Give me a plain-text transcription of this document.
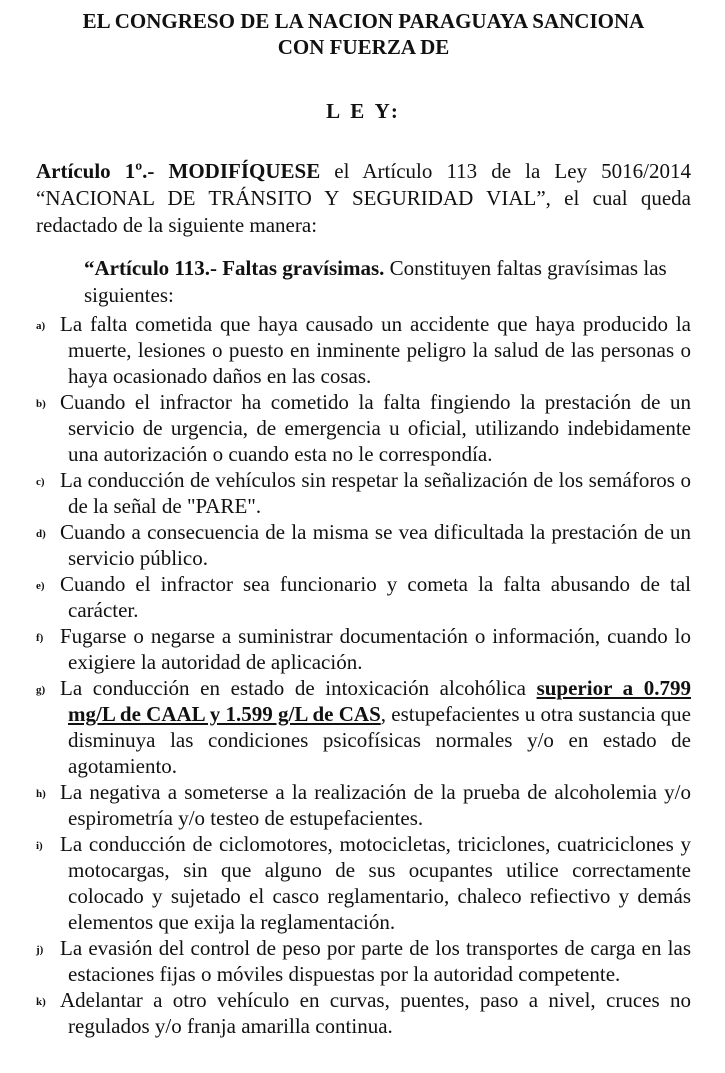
EL CONGRESO DE LA NACION PARAGUAYA SANCIONA

CON FUERZA DE

L E Y:

Artículo 1º.- MODIFÍQUESE el Artículo 113 de la Ley 5016/2014 “NACIONAL DE TRÁNSITO Y SEGURIDAD VIAL”, el cual queda redactado de la siguiente manera:

“Artículo 113.- Faltas gravísimas. Constituyen faltas gravísimas las siguientes:

a) La falta cometida que haya causado un accidente que haya producido la muerte, lesiones o puesto en inminente peligro la salud de las personas o haya ocasionado daños en las cosas.
b) Cuando el infractor ha cometido la falta fingiendo la prestación de un servicio de urgencia, de emergencia u oficial, utilizando indebidamente una autorización o cuando esta no le correspondía.
c) La conducción de vehículos sin respetar la señalización de los semáforos o de la señal de "PARE".
d) Cuando a consecuencia de la misma se vea dificultada la prestación de un servicio público.
e) Cuando el infractor sea funcionario y cometa la falta abusando de tal carácter.
f) Fugarse o negarse a suministrar documentación o información, cuando lo exigiere la autoridad de aplicación.
g) La conducción en estado de intoxicación alcohólica superior a 0.799 mg/L de CAAL y 1.599 g/L de CAS, estupefacientes u otra sustancia que disminuya las condiciones psicofísicas normales y/o en estado de agotamiento.
h) La negativa a someterse a la realización de la prueba de alcoholemia y/o espirometría y/o testeo de estupefacientes.
i) La conducción de ciclomotores, motocicletas, triciclones, cuatriciclones y motocargas, sin que alguno de sus ocupantes utilice correctamente colocado y sujetado el casco reglamentario, chaleco refiectivo y demás elementos que exija la reglamentación.
j) La evasión del control de peso por parte de los transportes de carga en las estaciones fijas o móviles dispuestas por la autoridad competente.
k) Adelantar a otro vehículo en curvas, puentes, paso a nivel, cruces no regulados y/o franja amarilla continua.
